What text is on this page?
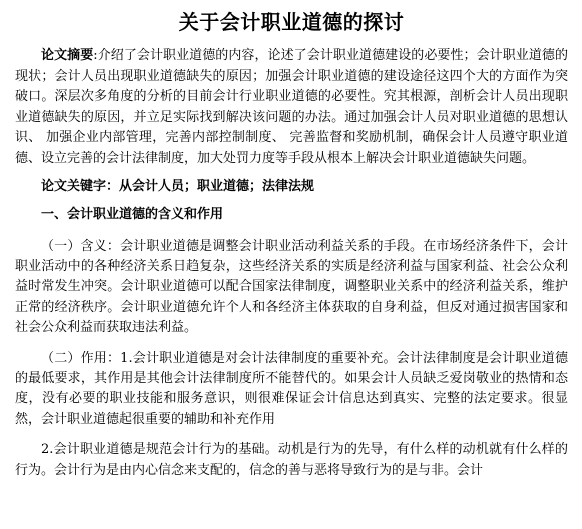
关于会计职业道德的探讨

论文摘要:介绍了会计职业道德的内容，论述了会计职业道德建设的必要性；会计职业道德的现状；会计人员出现职业道德缺失的原因；加强会计职业道德的建设途径这四个大的方面作为突破口。深层次多角度的分析的目前会计行业职业道德的必要性。究其根源，剖析会计人员出现职业道德缺失的原因，并立足实际找到解决该问题的办法。通过加强会计人员对职业道德的思想认识、 加强企业内部管理，完善内部控制制度、 完善监督和奖励机制，确保会计人员遵守职业道德、设立完善的会计法律制度，加大处罚力度等手段从根本上解决会计职业道德缺失问题。

论文关键字：从会计人员；职业道德；法律法规

一、会计职业道德的含义和作用

（一）含义：会计职业道德是调整会计职业活动利益关系的手段。在市场经济条件下，会计职业活动中的各种经济关系日趋复杂，这些经济关系的实质是经济利益与国家利益、社会公众利益时常发生冲突。会计职业道德可以配合国家法律制度，调整职业关系中的经济利益关系，维护正常的经济秩序。会计职业道德允许个人和各经济主体获取的自身利益，但反对通过损害国家和社会公众利益而获取违法利益。

（二）作用：1.会计职业道德是对会计法律制度的重要补充。会计法律制度是会计职业道德的最低要求，其作用是其他会计法律制度所不能替代的。如果会计人员缺乏爱岗敬业的热情和态度，没有必要的职业技能和服务意识，则很难保证会计信息达到真实、完整的法定要求。很显然，会计职业道德起很重要的辅助和补充作用

2.会计职业道德是规范会计行为的基础。动机是行为的先导，有什么样的动机就有什么样的行为。会计行为是由内心信念来支配的，信念的善与恶将导致行为的是与非。会计
